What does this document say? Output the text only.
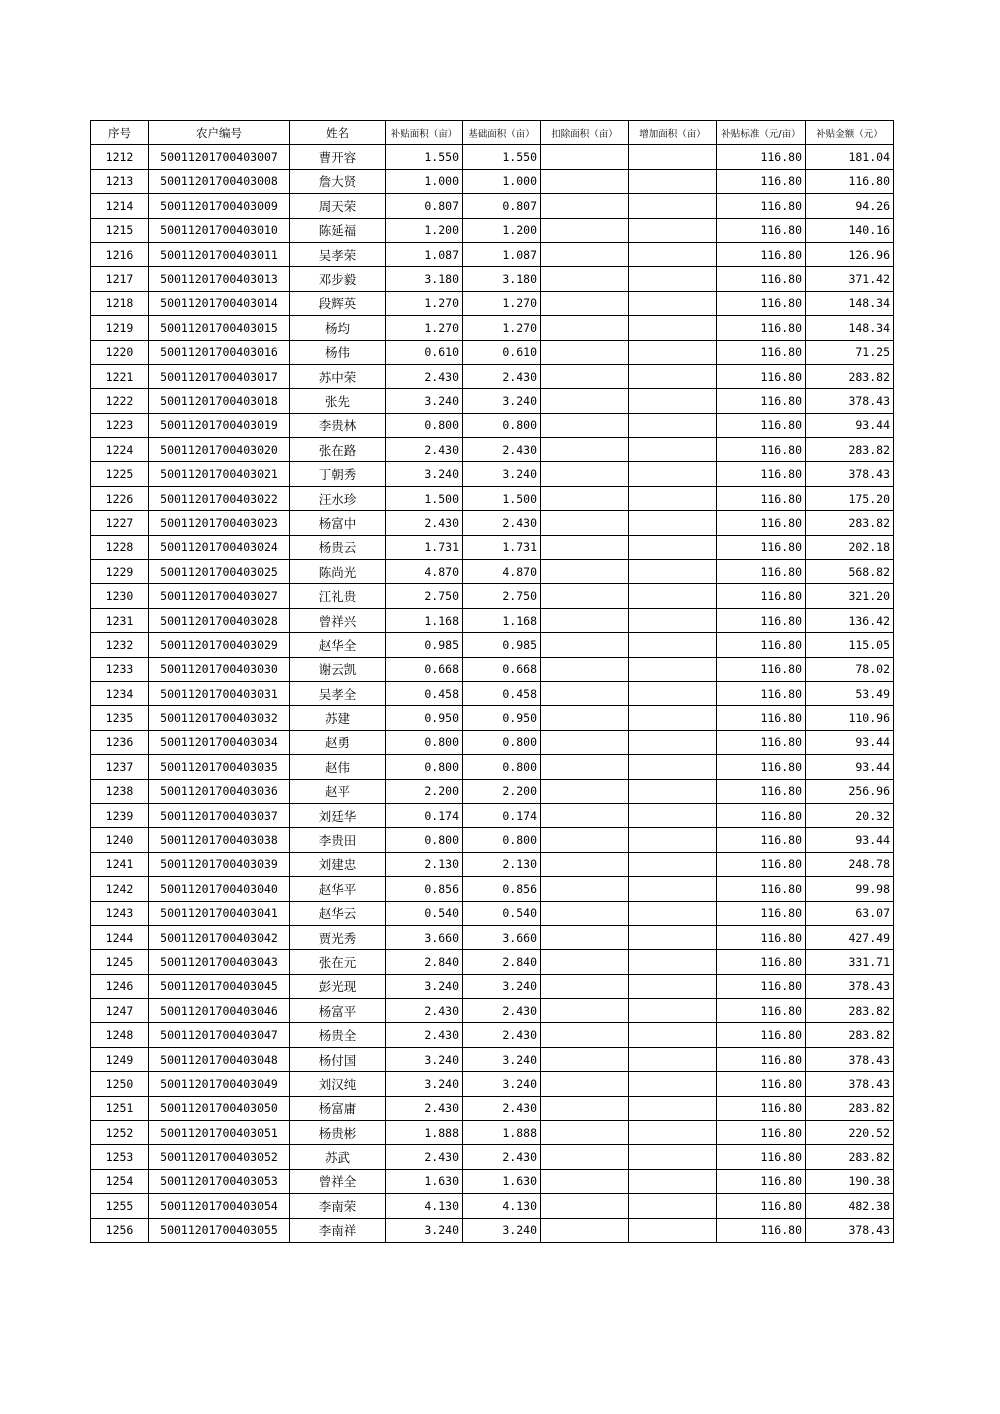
序号	农户编号	姓名	补贴面积（亩）	基础面积（亩）	扣除面积（亩）	增加面积（亩）	补贴标准（元/亩）	补贴金额（元）
1212	50011201700403007	曹开容	1.550	1.550			116.80	181.04
1213	50011201700403008	詹大贤	1.000	1.000			116.80	116.80
1214	50011201700403009	周天荣	0.807	0.807			116.80	94.26
1215	50011201700403010	陈延福	1.200	1.200			116.80	140.16
1216	50011201700403011	吴孝荣	1.087	1.087			116.80	126.96
1217	50011201700403013	邓步毅	3.180	3.180			116.80	371.42
1218	50011201700403014	段辉英	1.270	1.270			116.80	148.34
1219	50011201700403015	杨均	1.270	1.270			116.80	148.34
1220	50011201700403016	杨伟	0.610	0.610			116.80	71.25
1221	50011201700403017	苏中荣	2.430	2.430			116.80	283.82
1222	50011201700403018	张先	3.240	3.240			116.80	378.43
1223	50011201700403019	李贵林	0.800	0.800			116.80	93.44
1224	50011201700403020	张在路	2.430	2.430			116.80	283.82
1225	50011201700403021	丁朝秀	3.240	3.240			116.80	378.43
1226	50011201700403022	汪水珍	1.500	1.500			116.80	175.20
1227	50011201700403023	杨富中	2.430	2.430			116.80	283.82
1228	50011201700403024	杨贵云	1.731	1.731			116.80	202.18
1229	50011201700403025	陈尚光	4.870	4.870			116.80	568.82
1230	50011201700403027	江礼贵	2.750	2.750			116.80	321.20
1231	50011201700403028	曾祥兴	1.168	1.168			116.80	136.42
1232	50011201700403029	赵华全	0.985	0.985			116.80	115.05
1233	50011201700403030	谢云凯	0.668	0.668			116.80	78.02
1234	50011201700403031	吴孝全	0.458	0.458			116.80	53.49
1235	50011201700403032	苏建	0.950	0.950			116.80	110.96
1236	50011201700403034	赵勇	0.800	0.800			116.80	93.44
1237	50011201700403035	赵伟	0.800	0.800			116.80	93.44
1238	50011201700403036	赵平	2.200	2.200			116.80	256.96
1239	50011201700403037	刘廷华	0.174	0.174			116.80	20.32
1240	50011201700403038	李贵田	0.800	0.800			116.80	93.44
1241	50011201700403039	刘建忠	2.130	2.130			116.80	248.78
1242	50011201700403040	赵华平	0.856	0.856			116.80	99.98
1243	50011201700403041	赵华云	0.540	0.540			116.80	63.07
1244	50011201700403042	贾光秀	3.660	3.660			116.80	427.49
1245	50011201700403043	张在元	2.840	2.840			116.80	331.71
1246	50011201700403045	彭光现	3.240	3.240			116.80	378.43
1247	50011201700403046	杨富平	2.430	2.430			116.80	283.82
1248	50011201700403047	杨贵全	2.430	2.430			116.80	283.82
1249	50011201700403048	杨付国	3.240	3.240			116.80	378.43
1250	50011201700403049	刘汉纯	3.240	3.240			116.80	378.43
1251	50011201700403050	杨富庸	2.430	2.430			116.80	283.82
1252	50011201700403051	杨贵彬	1.888	1.888			116.80	220.52
1253	50011201700403052	苏武	2.430	2.430			116.80	283.82
1254	50011201700403053	曾祥全	1.630	1.630			116.80	190.38
1255	50011201700403054	李南荣	4.130	4.130			116.80	482.38
1256	50011201700403055	李南祥	3.240	3.240			116.80	378.43
